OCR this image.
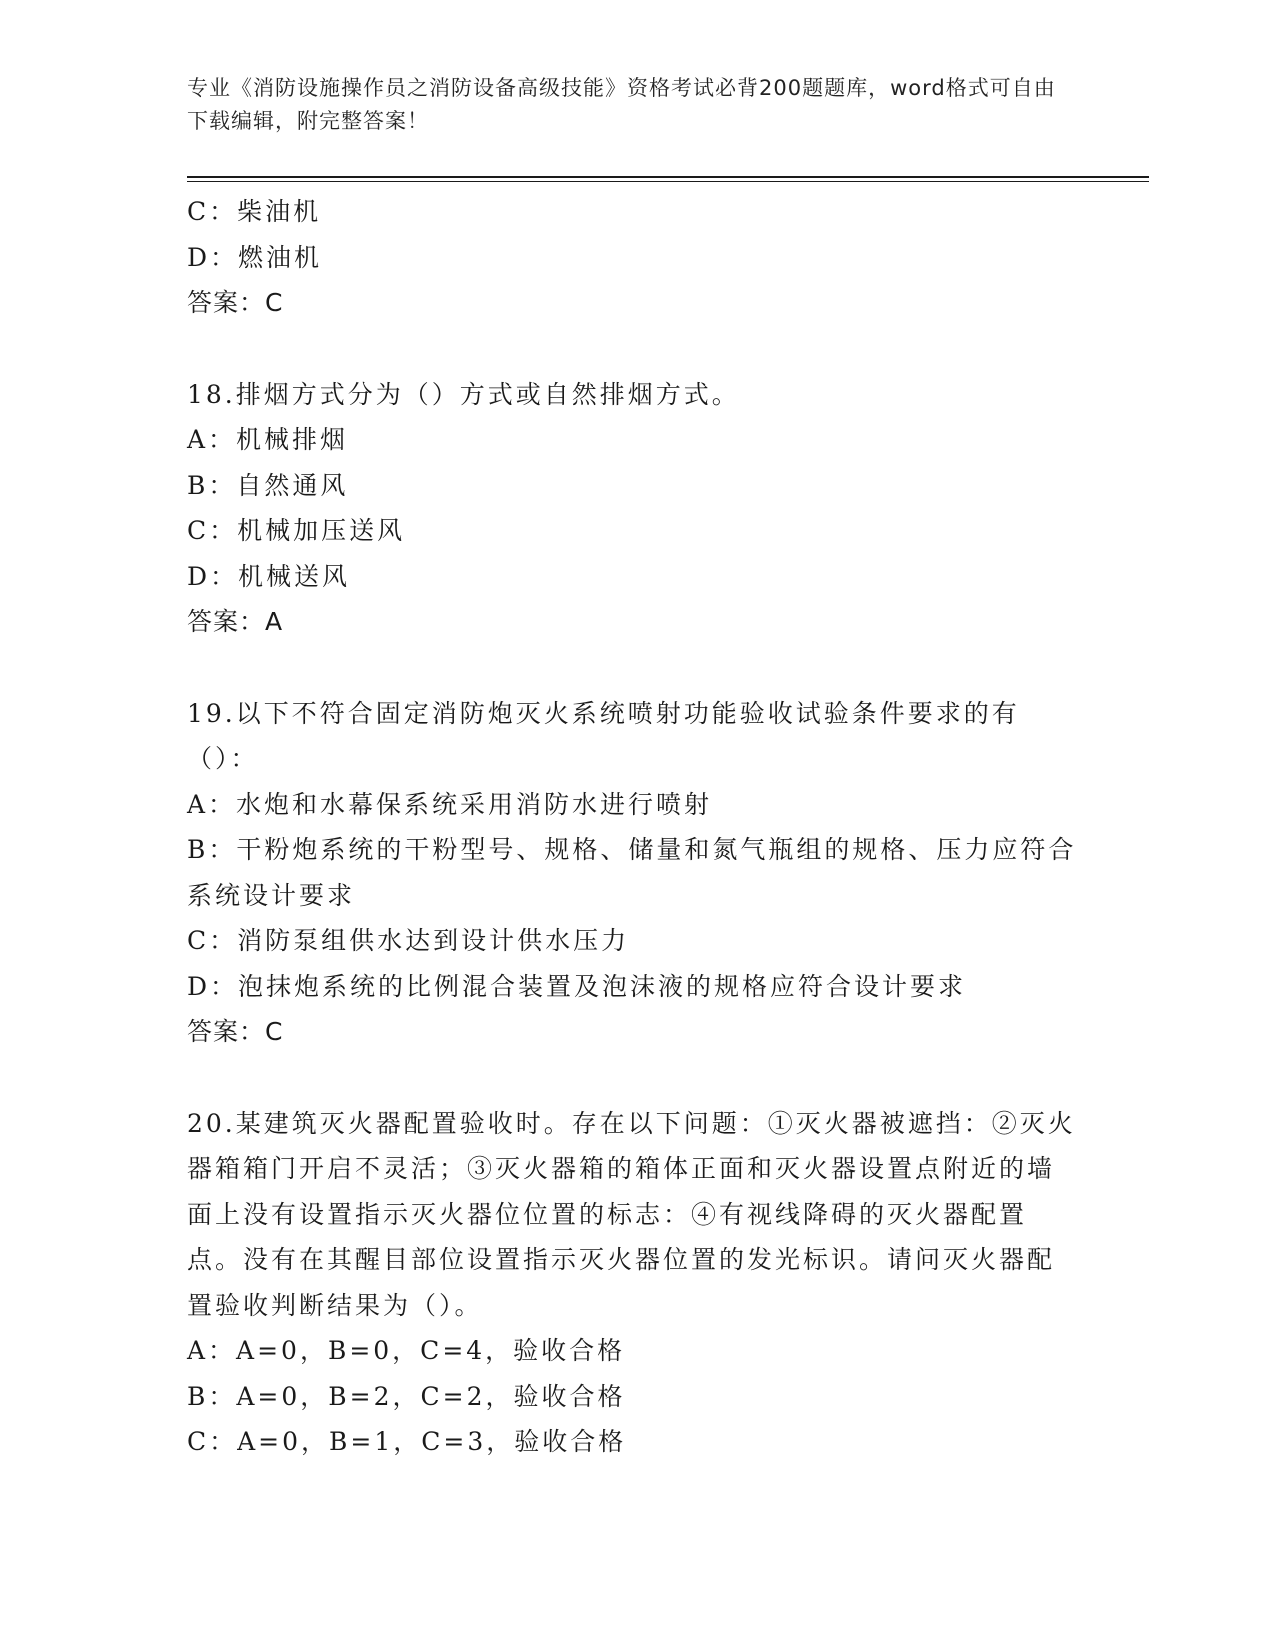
专业《消防设施操作员之消防设备高级技能》资格考试必背200题题库，word格式可自由下载编辑，附完整答案！
C：柴油机
D：燃油机
答案：C
18.排烟方式分为（）方式或自然排烟方式。
A：机械排烟
B：自然通风
C：机械加压送风
D：机械送风
答案：A
19.以下不符合固定消防炮灭火系统喷射功能验收试验条件要求的有（）：
A：水炮和水幕保系统采用消防水进行喷射
B：干粉炮系统的干粉型号、规格、储量和氮气瓶组的规格、压力应符合系统设计要求
C：消防泵组供水达到设计供水压力
D：泡抹炮系统的比例混合装置及泡沫液的规格应符合设计要求
答案：C
20.某建筑灭火器配置验收时。存在以下问题：①灭火器被遮挡：②灭火器箱箱门开启不灵活；③灭火器箱的箱体正面和灭火器设置点附近的墙面上没有设置指示灭火器位位置的标志：④有视线降碍的灭火器配置点。没有在其醒目部位设置指示灭火器位置的发光标识。请问灭火器配置验收判断结果为（）。
A：A=0，B=0，C=4，验收合格
B：A=0，B=2，C=2，验收合格
C：A=0，B=1，C=3，验收合格
